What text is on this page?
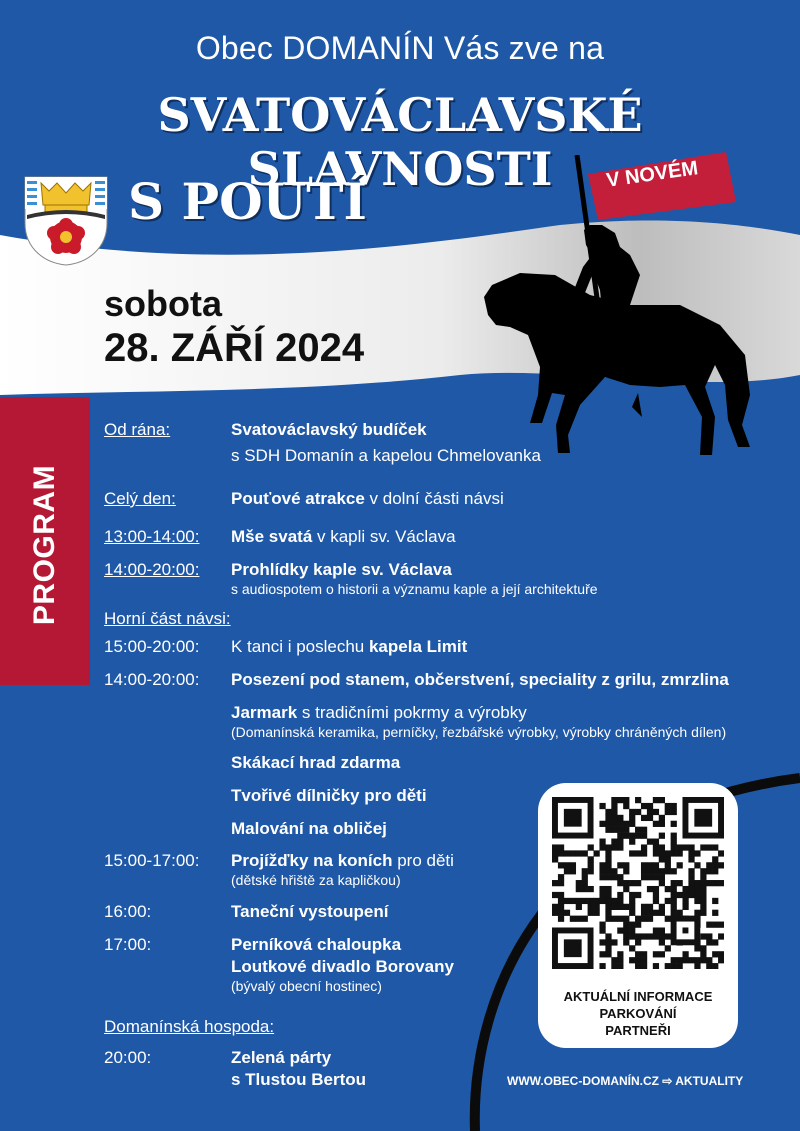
Obec DOMANÍN Vás zve na
SVATOVÁCLAVSKÉ SLAVNOSTI
S POUTÍ	V NOVÉM
sobota
28. ZÁŘÍ 2024
PROGRAM
Od rána:	Svatováclavský budíček
s SDH Domanín a kapelou Chmelovanka
Celý den:	Pouťové atrakce v dolní části návsi
13:00-14:00: Mše svatá v kapli sv. Václava
14:00-20:00: Prohlídky kaple sv. Václava
s audiospotem o historii a významu kaple a její architektuře
Horní část návsi:
15:00-20:00: K tanci i poslechu kapela Limit
14:00-20:00: Posezení pod stanem, občerstvení, speciality z grilu, zmrzlina
Jarmark s tradičními pokrmy a výrobky
(Domanínská keramika, perníčky, řezbářské výrobky, výrobky chráněných dílen)
Skákací hrad zdarma
Tvořivé dílničky pro děti
Malování na obličej
15:00-17:00: Projížďky na koních pro děti
(dětské hřiště za kapličkou)
16:00:	Taneční vystoupení
17:00:	Perníková chaloupka
Loutkové divadlo Borovany
(bývalý obecní hostinec)
Domanínská hospoda:
20:00:	Zelená párty
s Tlustou Bertou
AKTUÁLNÍ INFORMACE
PARKOVÁNÍ
PARTNEŘI
WWW.OBEC-DOMANÍN.CZ ⇨ AKTUALITY
